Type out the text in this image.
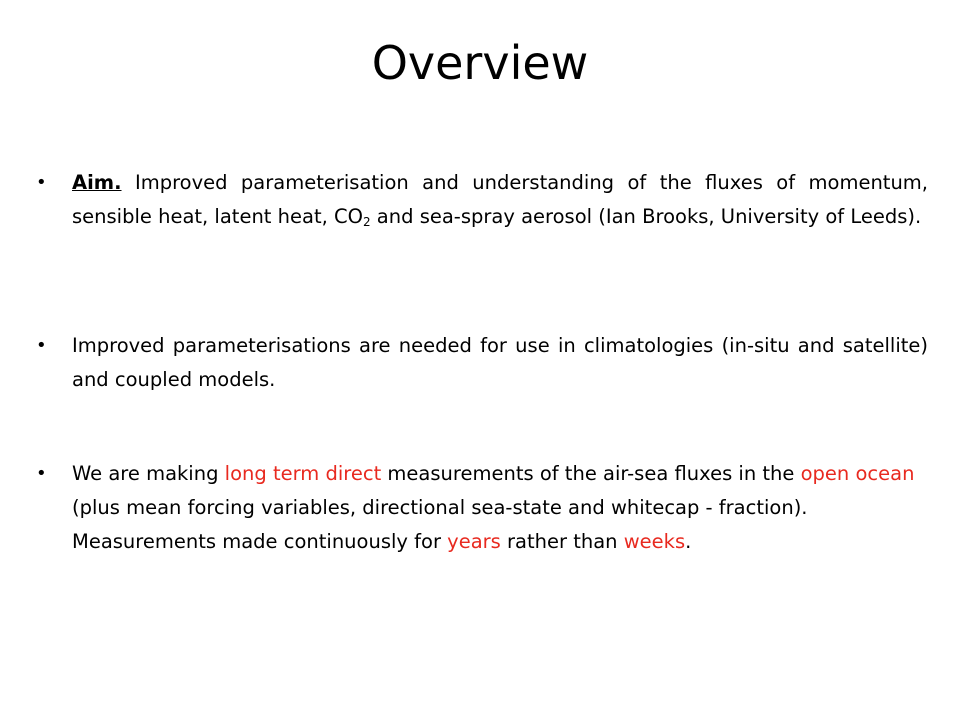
Overview
•	Aim. Improved parameterisation and understanding of the fluxes of momentum, sensible heat, latent heat, $CO_2$ and sea-spray aerosol (Ian Brooks, University of Leeds).
•	Improved parameterisations are needed for use in climatologies (in-situ and satellite) and coupled models.
•	We are making long term direct measurements of the air-sea fluxes in the open ocean (plus mean forcing variables, directional sea-state and whitecap - fraction). Measurements made continuously for years rather than weeks.
